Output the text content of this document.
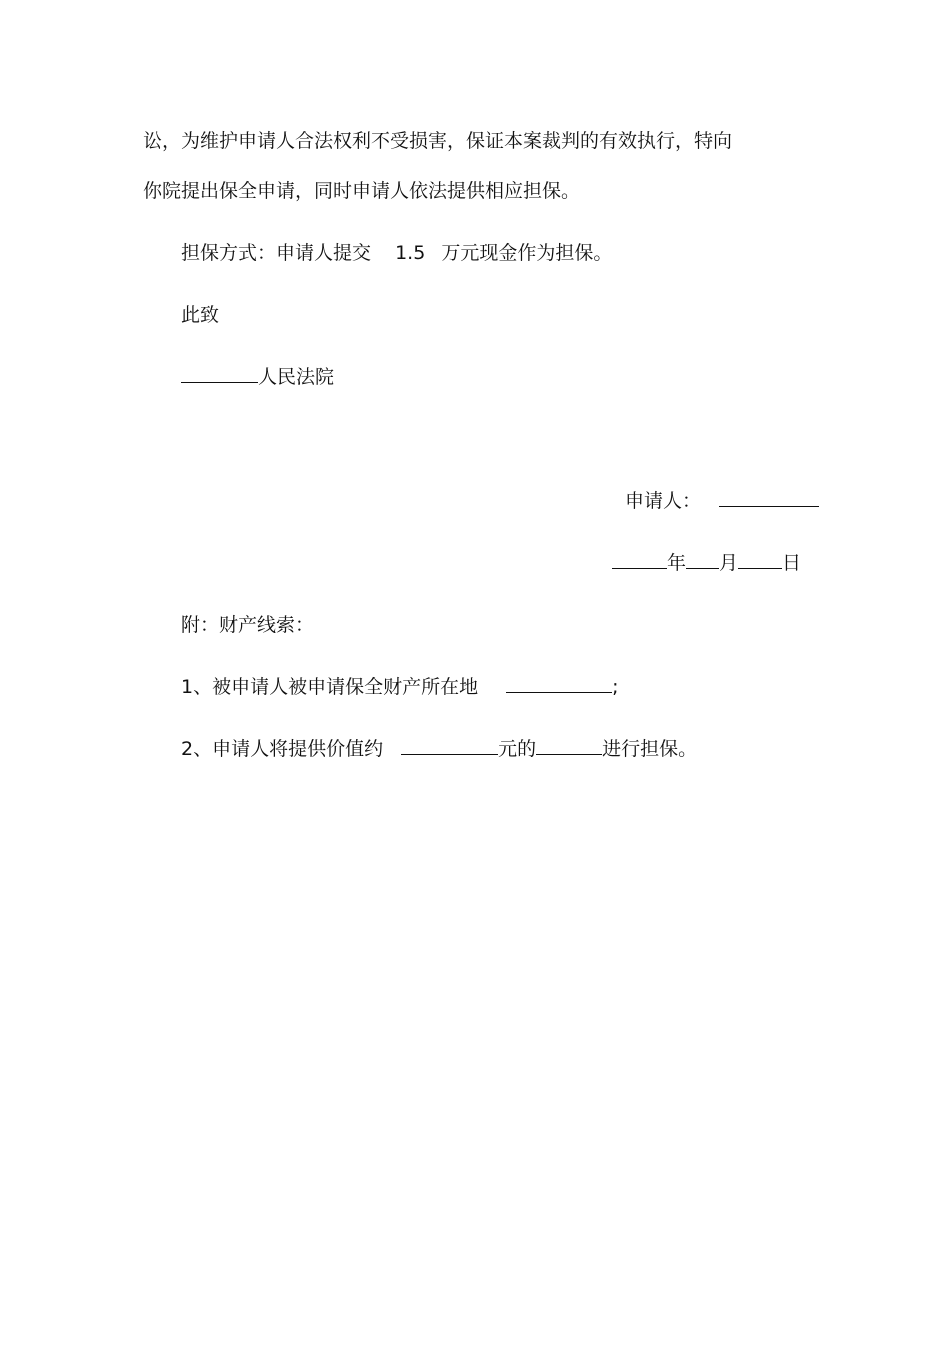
讼，为维护申请人合法权利不受损害，保证本案裁判的有效执行，特向
你院提出保全申请，同时申请人依法提供相应担保。
担保方式：申请人提交 1.5 万元现金作为担保。
此致
人民法院
申请人：
年 月 日
附：财产线索：
1、被申请人被申请保全财产所在地	;
2、申请人将提供价值约	元的	进行担保。
